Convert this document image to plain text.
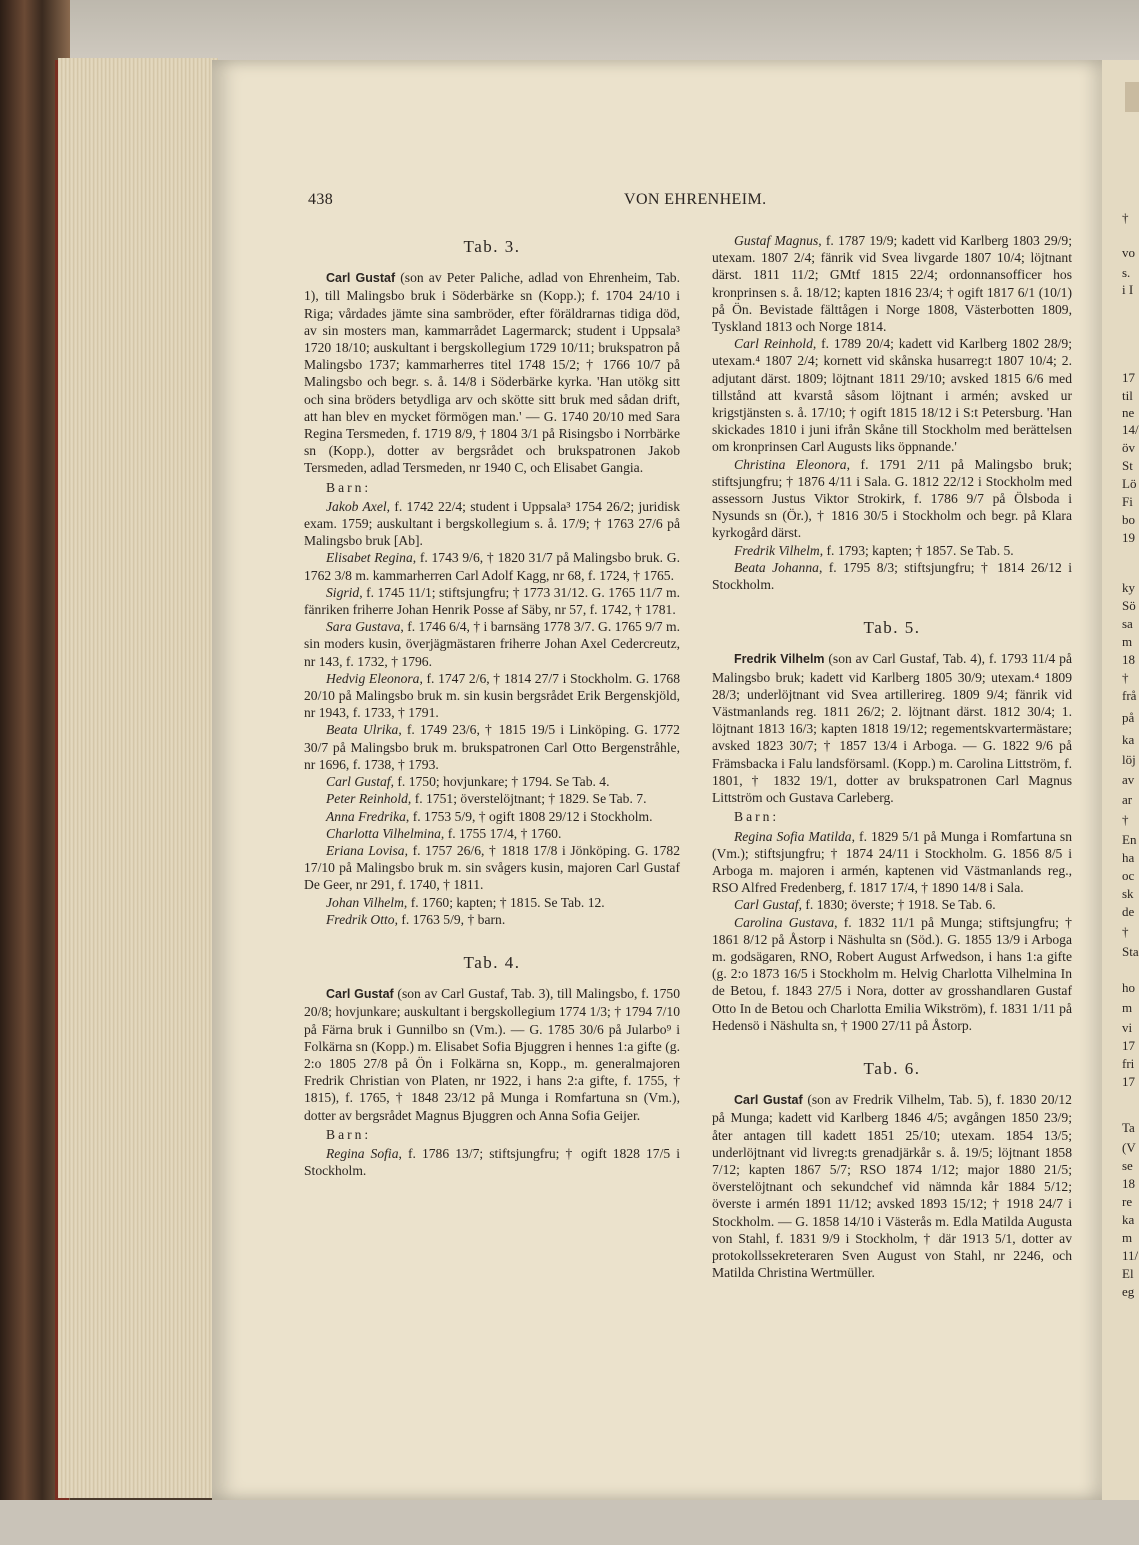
†
vo
s.
i I
17
til
ne
14/
öv
St
Lö
Fi
bo
19
ky
Sö
sa
m
18
†
frå
på
ka
löj
av
ar
†
En
ha
oc
sk
de
†
Sta
ho
m
vi
17
fri
17
Ta
(V
se
18
re
ka
m
11/
El
eg
438	VON EHRENHEIM.
Tab. 3.

Carl Gustaf (son av Peter Paliche, adlad von Ehrenheim, Tab. 1), till Malingsbo bruk i Söderbärke sn (Kopp.); f. 1704 24/10 i Riga; vårdades jämte sina sambröder, efter föräldrarnas tidiga död, av sin mosters man, kammarrådet Lagermarck; student i Uppsala³ 1720 18/10; auskultant i bergskollegium 1729 10/11; brukspatron på Malingsbo 1737; kammarherres titel 1748 15/2; † 1766 10/7 på Malingsbo och begr. s. å. 14/8 i Söderbärke kyrka. 'Han utökg sitt och sina bröders betydliga arv och skötte sitt bruk med sådan drift, att han blev en mycket förmögen man.' — G. 1740 20/10 med Sara Regina Tersmeden, f. 1719 8/9, † 1804 3/1 på Risingsbo i Norrbärke sn (Kopp.), dotter av bergsrådet och brukspatronen Jakob Tersmeden, adlad Tersmeden, nr 1940 C, och Elisabet Gangia.

Barn:

Jakob Axel, f. 1742 22/4; student i Uppsala³ 1754 26/2; juridisk exam. 1759; auskultant i bergskollegium s. å. 17/9; † 1763 27/6 på Malingsbo bruk [Ab].

Elisabet Regina, f. 1743 9/6, † 1820 31/7 på Malingsbo bruk. G. 1762 3/8 m. kammarherren Carl Adolf Kagg, nr 68, f. 1724, † 1765.

Sigrid, f. 1745 11/1; stiftsjungfru; † 1773 31/12. G. 1765 11/7 m. fänriken friherre Johan Henrik Posse af Säby, nr 57, f. 1742, † 1781.

Sara Gustava, f. 1746 6/4, † i barnsäng 1778 3/7. G. 1765 9/7 m. sin moders kusin, överjägmästaren friherre Johan Axel Cedercreutz, nr 143, f. 1732, † 1796.

Hedvig Eleonora, f. 1747 2/6, † 1814 27/7 i Stockholm. G. 1768 20/10 på Malingsbo bruk m. sin kusin bergsrådet Erik Bergenskjöld, nr 1943, f. 1733, † 1791.

Beata Ulrika, f. 1749 23/6, † 1815 19/5 i Linköping. G. 1772 30/7 på Malingsbo bruk m. brukspatronen Carl Otto Bergenstråhle, nr 1696, f. 1738, † 1793.

Carl Gustaf, f. 1750; hovjunkare; † 1794. Se Tab. 4.

Peter Reinhold, f. 1751; överstelöjtnant; † 1829. Se Tab. 7.

Anna Fredrika, f. 1753 5/9, † ogift 1808 29/12 i Stockholm.

Charlotta Vilhelmina, f. 1755 17/4, † 1760.

Eriana Lovisa, f. 1757 26/6, † 1818 17/8 i Jönköping. G. 1782 17/10 på Malingsbo bruk m. sin svågers kusin, majoren Carl Gustaf De Geer, nr 291, f. 1740, † 1811.

Johan Vilhelm, f. 1760; kapten; † 1815. Se Tab. 12.

Fredrik Otto, f. 1763 5/9, † barn.

Tab. 4.

Carl Gustaf (son av Carl Gustaf, Tab. 3), till Malingsbo, f. 1750 20/8; hovjunkare; auskultant i bergskollegium 1774 1/3; † 1794 7/10 på Färna bruk i Gunnilbo sn (Vm.). — G. 1785 30/6 på Jularbo⁹ i Folkärna sn (Kopp.) m. Elisabet Sofia Bjuggren i hennes 1:a gifte (g. 2:o 1805 27/8 på Ön i Folkärna sn, Kopp., m. generalmajoren Fredrik Christian von Platen, nr 1922, i hans 2:a gifte, f. 1755, † 1815), f. 1765, † 1848 23/12 på Munga i Romfartuna sn (Vm.), dotter av bergsrådet Magnus Bjuggren och Anna Sofia Geijer.

Barn:

Regina Sofia, f. 1786 13/7; stiftsjungfru; † ogift 1828 17/5 i Stockholm.

Gustaf Magnus, f. 1787 19/9; kadett vid Karlberg 1803 29/9; utexam. 1807 2/4; fänrik vid Svea livgarde 1807 10/4; löjtnant därst. 1811 11/2; GMtf 1815 22/4; ordonnansofficer hos kronprinsen s. å. 18/12; kapten 1816 23/4; † ogift 1817 6/1 (10/1) på Ön. Bevistade fälttågen i Norge 1808, Västerbotten 1809, Tyskland 1813 och Norge 1814.

Carl Reinhold, f. 1789 20/4; kadett vid Karlberg 1802 28/9; utexam.⁴ 1807 2/4; kornett vid skånska husarreg:t 1807 10/4; 2. adjutant därst. 1809; löjtnant 1811 29/10; avsked 1815 6/6 med tillstånd att kvarstå såsom löjtnant i armén; avsked ur krigstjänsten s. å. 17/10; † ogift 1815 18/12 i S:t Petersburg. 'Han skickades 1810 i juni ifrån Skåne till Stockholm med berättelsen om kronprinsen Carl Augusts liks öppnande.'

Christina Eleonora, f. 1791 2/11 på Malingsbo bruk; stiftsjungfru; † 1876 4/11 i Sala. G. 1812 22/12 i Stockholm med assessorn Justus Viktor Strokirk, f. 1786 9/7 på Ölsboda i Nysunds sn (Ör.), † 1816 30/5 i Stockholm och begr. på Klara kyrkogård därst.

Fredrik Vilhelm, f. 1793; kapten; † 1857. Se Tab. 5.

Beata Johanna, f. 1795 8/3; stiftsjungfru; † 1814 26/12 i Stockholm.

Tab. 5.

Fredrik Vilhelm (son av Carl Gustaf, Tab. 4), f. 1793 11/4 på Malingsbo bruk; kadett vid Karlberg 1805 30/9; utexam.⁴ 1809 28/3; underlöjtnant vid Svea artillerireg. 1809 9/4; fänrik vid Västmanlands reg. 1811 26/2; 2. löjtnant därst. 1812 30/4; 1. löjtnant 1813 16/3; kapten 1818 19/12; regementskvartermästare; avsked 1823 30/7; † 1857 13/4 i Arboga. — G. 1822 9/6 på Främsbacka i Falu landsförsaml. (Kopp.) m. Carolina Littström, f. 1801, † 1832 19/1, dotter av brukspatronen Carl Magnus Littström och Gustava Carleberg.

Barn:

Regina Sofia Matilda, f. 1829 5/1 på Munga i Romfartuna sn (Vm.); stiftsjungfru; † 1874 24/11 i Stockholm. G. 1856 8/5 i Arboga m. majoren i armén, kaptenen vid Västmanlands reg., RSO Alfred Fredenberg, f. 1817 17/4, † 1890 14/8 i Sala.

Carl Gustaf, f. 1830; överste; † 1918. Se Tab. 6.

Carolina Gustava, f. 1832 11/1 på Munga; stiftsjungfru; † 1861 8/12 på Åstorp i Näshulta sn (Söd.). G. 1855 13/9 i Arboga m. godsägaren, RNO, Robert August Arfwedson, i hans 1:a gifte (g. 2:o 1873 16/5 i Stockholm m. Helvig Charlotta Vilhelmina In de Betou, f. 1843 27/5 i Nora, dotter av grosshandlaren Gustaf Otto In de Betou och Charlotta Emilia Wikström), f. 1831 1/11 på Hedensö i Näshulta sn, † 1900 27/11 på Åstorp.

Tab. 6.

Carl Gustaf (son av Fredrik Vilhelm, Tab. 5), f. 1830 20/12 på Munga; kadett vid Karlberg 1846 4/5; avgången 1850 23/9; åter antagen till kadett 1851 25/10; utexam. 1854 13/5; underlöjtnant vid livreg:ts grenadjärkår s. å. 19/5; löjtnant 1858 7/12; kapten 1867 5/7; RSO 1874 1/12; major 1880 21/5; överstelöjtnant och sekundchef vid nämnda kår 1884 5/12; överste i armén 1891 11/12; avsked 1893 15/12; † 1918 24/7 i Stockholm. — G. 1858 14/10 i Västerås m. Edla Matilda Augusta von Stahl, f. 1831 9/9 i Stockholm, † där 1913 5/1, dotter av protokollssekreteraren Sven August von Stahl, nr 2246, och Matilda Christina Wertmüller.
